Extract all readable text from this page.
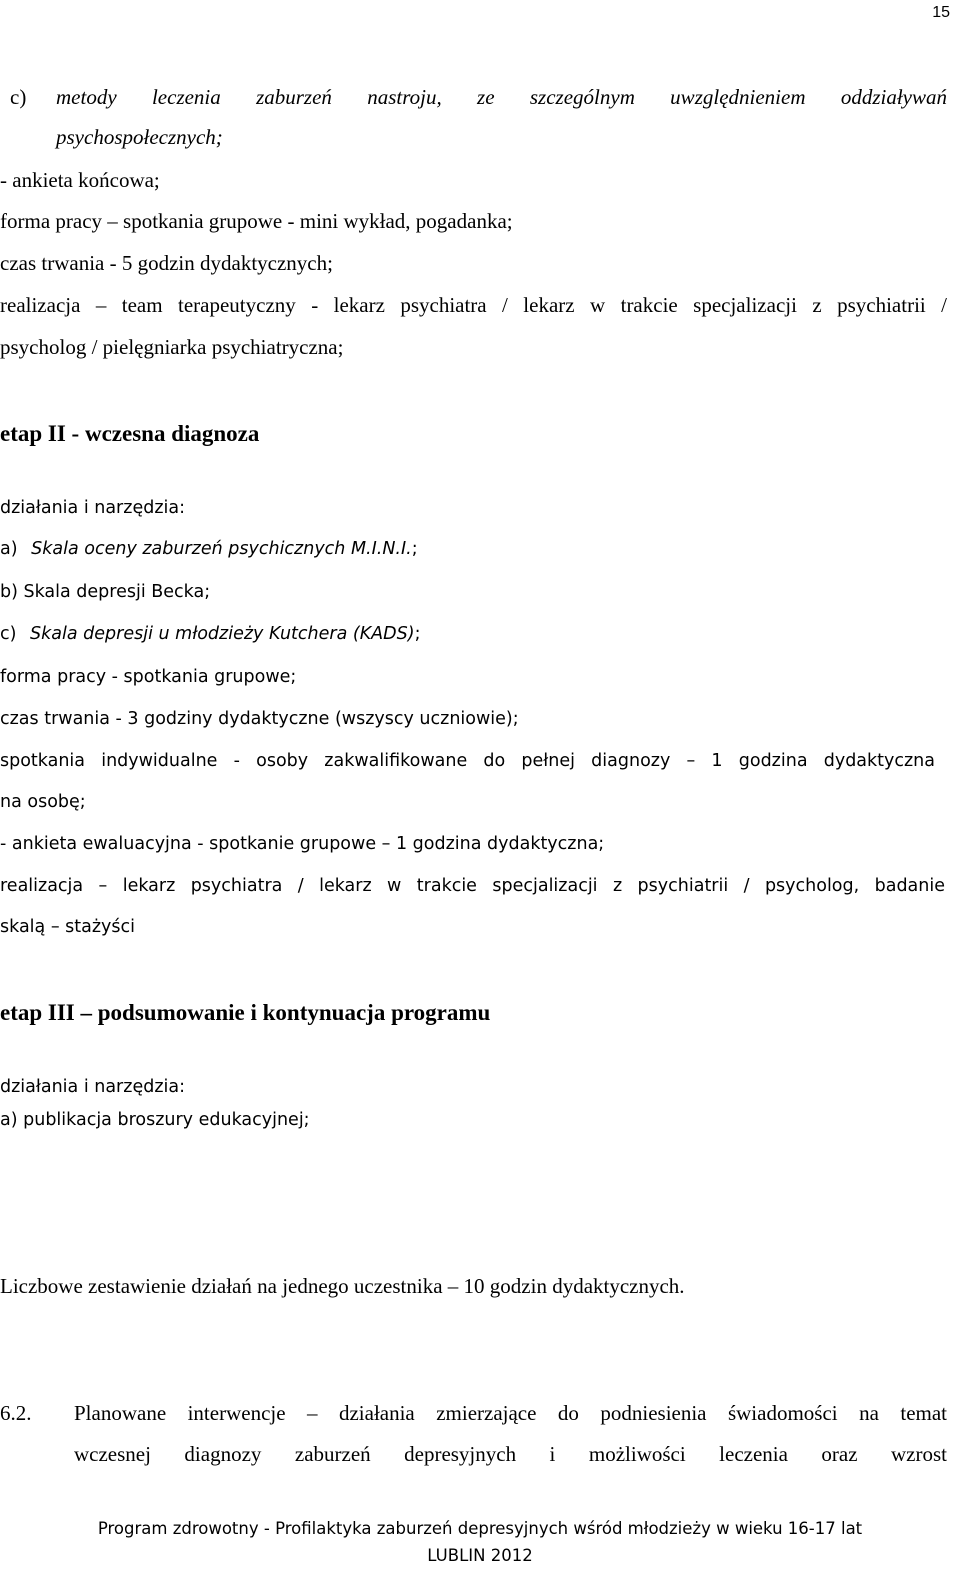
15
c) metody leczenia zaburzeń nastroju, ze szczególnym uwzględnieniem oddziaływań
psychospołecznych;
- ankieta końcowa;
forma pracy – spotkania grupowe - mini wykład, pogadanka;
czas trwania - 5 godzin dydaktycznych;
realizacja – team terapeutyczny - lekarz psychiatra / lekarz w trakcie specjalizacji z psychiatrii /
psycholog / pielęgniarka psychiatryczna;
etap II - wczesna diagnoza
działania i narzędzia:
a) Skala oceny zaburzeń psychicznych M.I.N.I.;
b) Skala depresji Becka;
c) Skala depresji u młodzieży Kutchera (KADS);
forma pracy - spotkania grupowe;
czas trwania - 3 godziny dydaktyczne (wszyscy uczniowie);
spotkania indywidualne - osoby zakwalifikowane do pełnej diagnozy – 1 godzina dydaktyczna
na osobę;
- ankieta ewaluacyjna - spotkanie grupowe – 1 godzina dydaktyczna;
realizacja – lekarz psychiatra / lekarz w trakcie specjalizacji z psychiatrii / psycholog, badanie
skalą – stażyści
etap III – podsumowanie i kontynuacja programu
działania i narzędzia:
a) publikacja broszury edukacyjnej;
Liczbowe zestawienie działań na jednego uczestnika – 10 godzin dydaktycznych.
6.2. Planowane interwencje – działania zmierzające do podniesienia świadomości na temat
wczesnej diagnozy zaburzeń depresyjnych i możliwości leczenia oraz wzrost
Program zdrowotny - Profilaktyka zaburzeń depresyjnych wśród młodzieży w wieku 16-17 lat
LUBLIN 2012
